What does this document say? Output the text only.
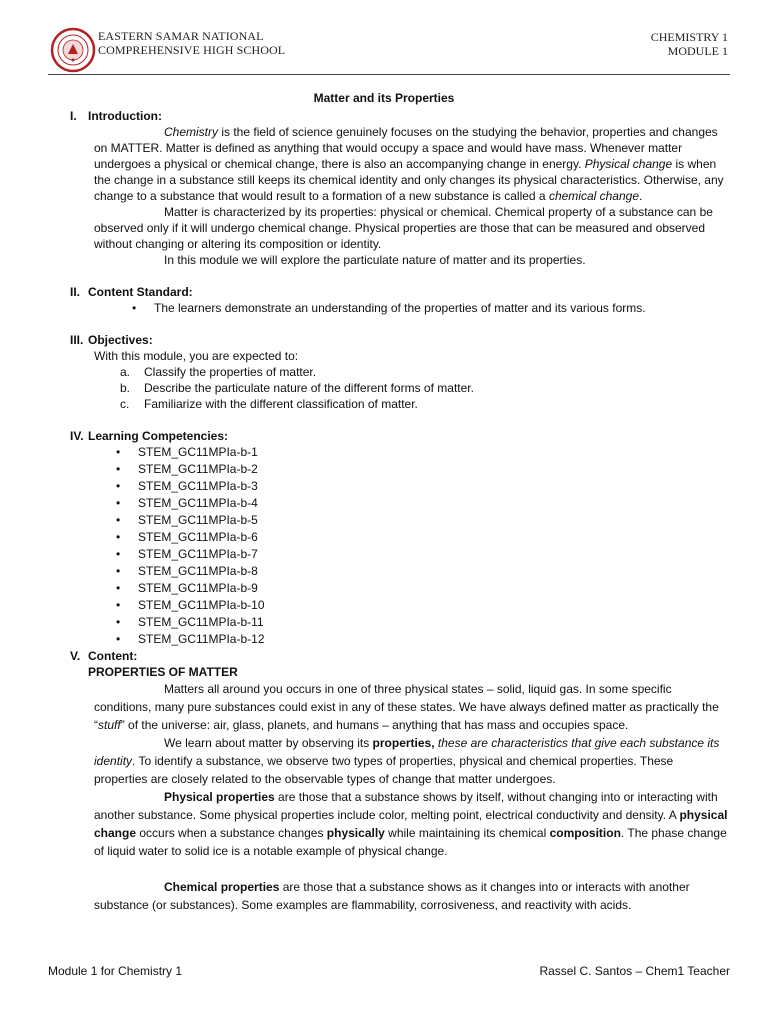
EASTERN SAMAR NATIONAL
COMPREHENSIVE HIGH SCHOOL
CHEMISTRY 1
MODULE 1
Matter and its Properties

I. Introduction:

Chemistry is the field of science genuinely focuses on the studying the behavior, properties and changes on MATTER. Matter is defined as anything that would occupy a space and would have mass. Whenever matter undergoes a physical or chemical change, there is also an accompanying change in energy. Physical change is when the change in a substance still keeps its chemical identity and only changes its physical characteristics. Otherwise, any change to a substance that would result to a formation of a new substance is called a chemical change.

Matter is characterized by its properties: physical or chemical. Chemical property of a substance can be observed only if it will undergo chemical change. Physical properties are those that can be measured and observed without changing or altering its composition or identity.

In this module we will explore the particulate nature of matter and its properties.

II. Content Standard:

• The learners demonstrate an understanding of the properties of matter and its various forms.

III. Objectives:

With this module, you are expected to:

a. Classify the properties of matter.
b. Describe the particulate nature of the different forms of matter.
c. Familiarize with the different classification of matter.

IV. Learning Competencies:

• STEM_GC11MPIa-b-1
• STEM_GC11MPIa-b-2
• STEM_GC11MPIa-b-3
• STEM_GC11MPIa-b-4
• STEM_GC11MPIa-b-5
• STEM_GC11MPIa-b-6
• STEM_GC11MPIa-b-7
• STEM_GC11MPIa-b-8
• STEM_GC11MPIa-b-9
• STEM_GC11MPIa-b-10
• STEM_GC11MPIa-b-11
• STEM_GC11MPIa-b-12

V. Content:

PROPERTIES OF MATTER

Matters all around you occurs in one of three physical states – solid, liquid gas. In some specific conditions, many pure substances could exist in any of these states. We have always defined matter as practically the “stuff” of the universe: air, glass, planets, and humans – anything that has mass and occupies space.

We learn about matter by observing its properties, these are characteristics that give each substance its identity. To identify a substance, we observe two types of properties, physical and chemical properties. These properties are closely related to the observable types of change that matter undergoes.

Physical properties are those that a substance shows by itself, without changing into or interacting with another substance. Some physical properties include color, melting point, electrical conductivity and density. A physical change occurs when a substance changes physically while maintaining its chemical composition. The phase change of liquid water to solid ice is a notable example of physical change.

Chemical properties are those that a substance shows as it changes into or interacts with another substance (or substances). Some examples are flammability, corrosiveness, and reactivity with acids.

Module 1 for Chemistry 1	Rassel C. Santos – Chem1 Teacher
